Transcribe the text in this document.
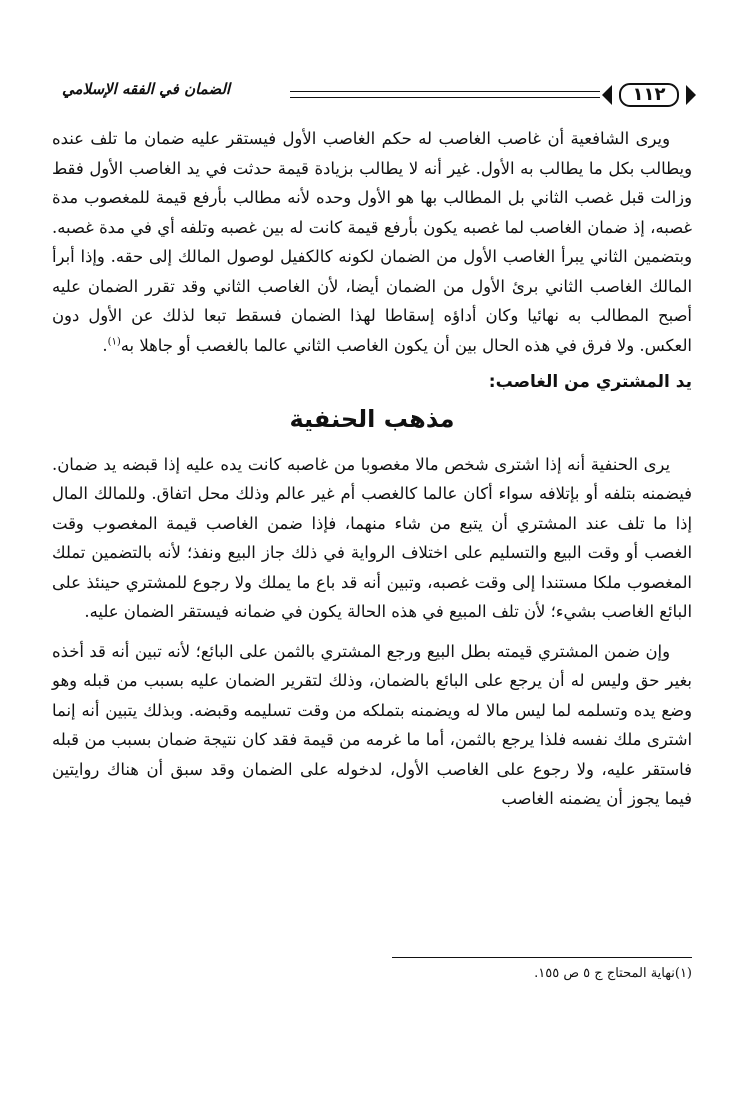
١١٢
الضمان في الفقه الإسلامي

ويرى الشافعية أن غاصب الغاصب له حكم الغاصب الأول فيستقر عليه ضمان ما تلف عنده ويطالب بكل ما يطالب به الأول. غير أنه لا يطالب بزيادة قيمة حدثت في يد الغاصب الأول فقط وزالت قبل غصب الثاني بل المطالب بها هو الأول وحده لأنه مطالب بأرفع قيمة للمغصوب مدة غصبه، إذ ضمان الغاصب لما غصبه يكون بأرفع قيمة كانت له بين غصبه وتلفه أي في مدة غصبه. وبتضمين الثاني يبرأ الغاصب الأول من الضمان لكونه كالكفيل لوصول المالك إلى حقه. وإذا أبرأ المالك الغاصب الثاني برئ الأول من الضمان أيضا، لأن الغاصب الثاني وقد تقرر الضمان عليه أصبح المطالب به نهائيا وكان أداؤه إسقاطا لهذا الضمان فسقط تبعا لذلك عن الأول دون العكس. ولا فرق في هذه الحال بين أن يكون الغاصب الثاني عالما بالغصب أو جاهلا به$^{(١)}$.

يد المشتري من الغاصب:
مذهب الحنفية

يرى الحنفية أنه إذا اشترى شخص مالا مغصوبا من غاصبه كانت يده عليه إذا قبضه يد ضمان. فيضمنه بتلفه أو بإتلافه سواء أكان عالما كالغصب أم غير عالم وذلك محل اتفاق. وللمالك المال إذا ما تلف عند المشتري أن يتبع من شاء منهما، فإذا ضمن الغاصب قيمة المغصوب وقت الغصب أو وقت البيع والتسليم على اختلاف الرواية في ذلك جاز البيع ونفذ؛ لأنه بالتضمين تملك المغصوب ملكا مستندا إلى وقت غصبه، وتبين أنه قد باع ما يملك ولا رجوع للمشتري حينئذ على البائع الغاصب بشيء؛ لأن تلف المبيع في هذه الحالة يكون في ضمانه فيستقر الضمان عليه.

وإن ضمن المشتري قيمته بطل البيع ورجع المشتري بالثمن على البائع؛ لأنه تبين أنه قد أخذه بغير حق وليس له أن يرجع على البائع بالضمان، وذلك لتقرير الضمان عليه بسبب من قبله وهو وضع يده وتسلمه لما ليس مالا له ويضمنه بتملكه من وقت تسليمه وقبضه. وبذلك يتبين أنه إنما اشترى ملك نفسه فلذا يرجع بالثمن، أما ما غرمه من قيمة فقد كان نتيجة ضمان بسبب من قبله فاستقر عليه، ولا رجوع على الغاصب الأول، لدخوله على الضمان وقد سبق أن هناك روايتين فيما يجوز أن يضمنه الغاصب

(١)نهاية المحتاج ج ٥ ص ١٥٥.
